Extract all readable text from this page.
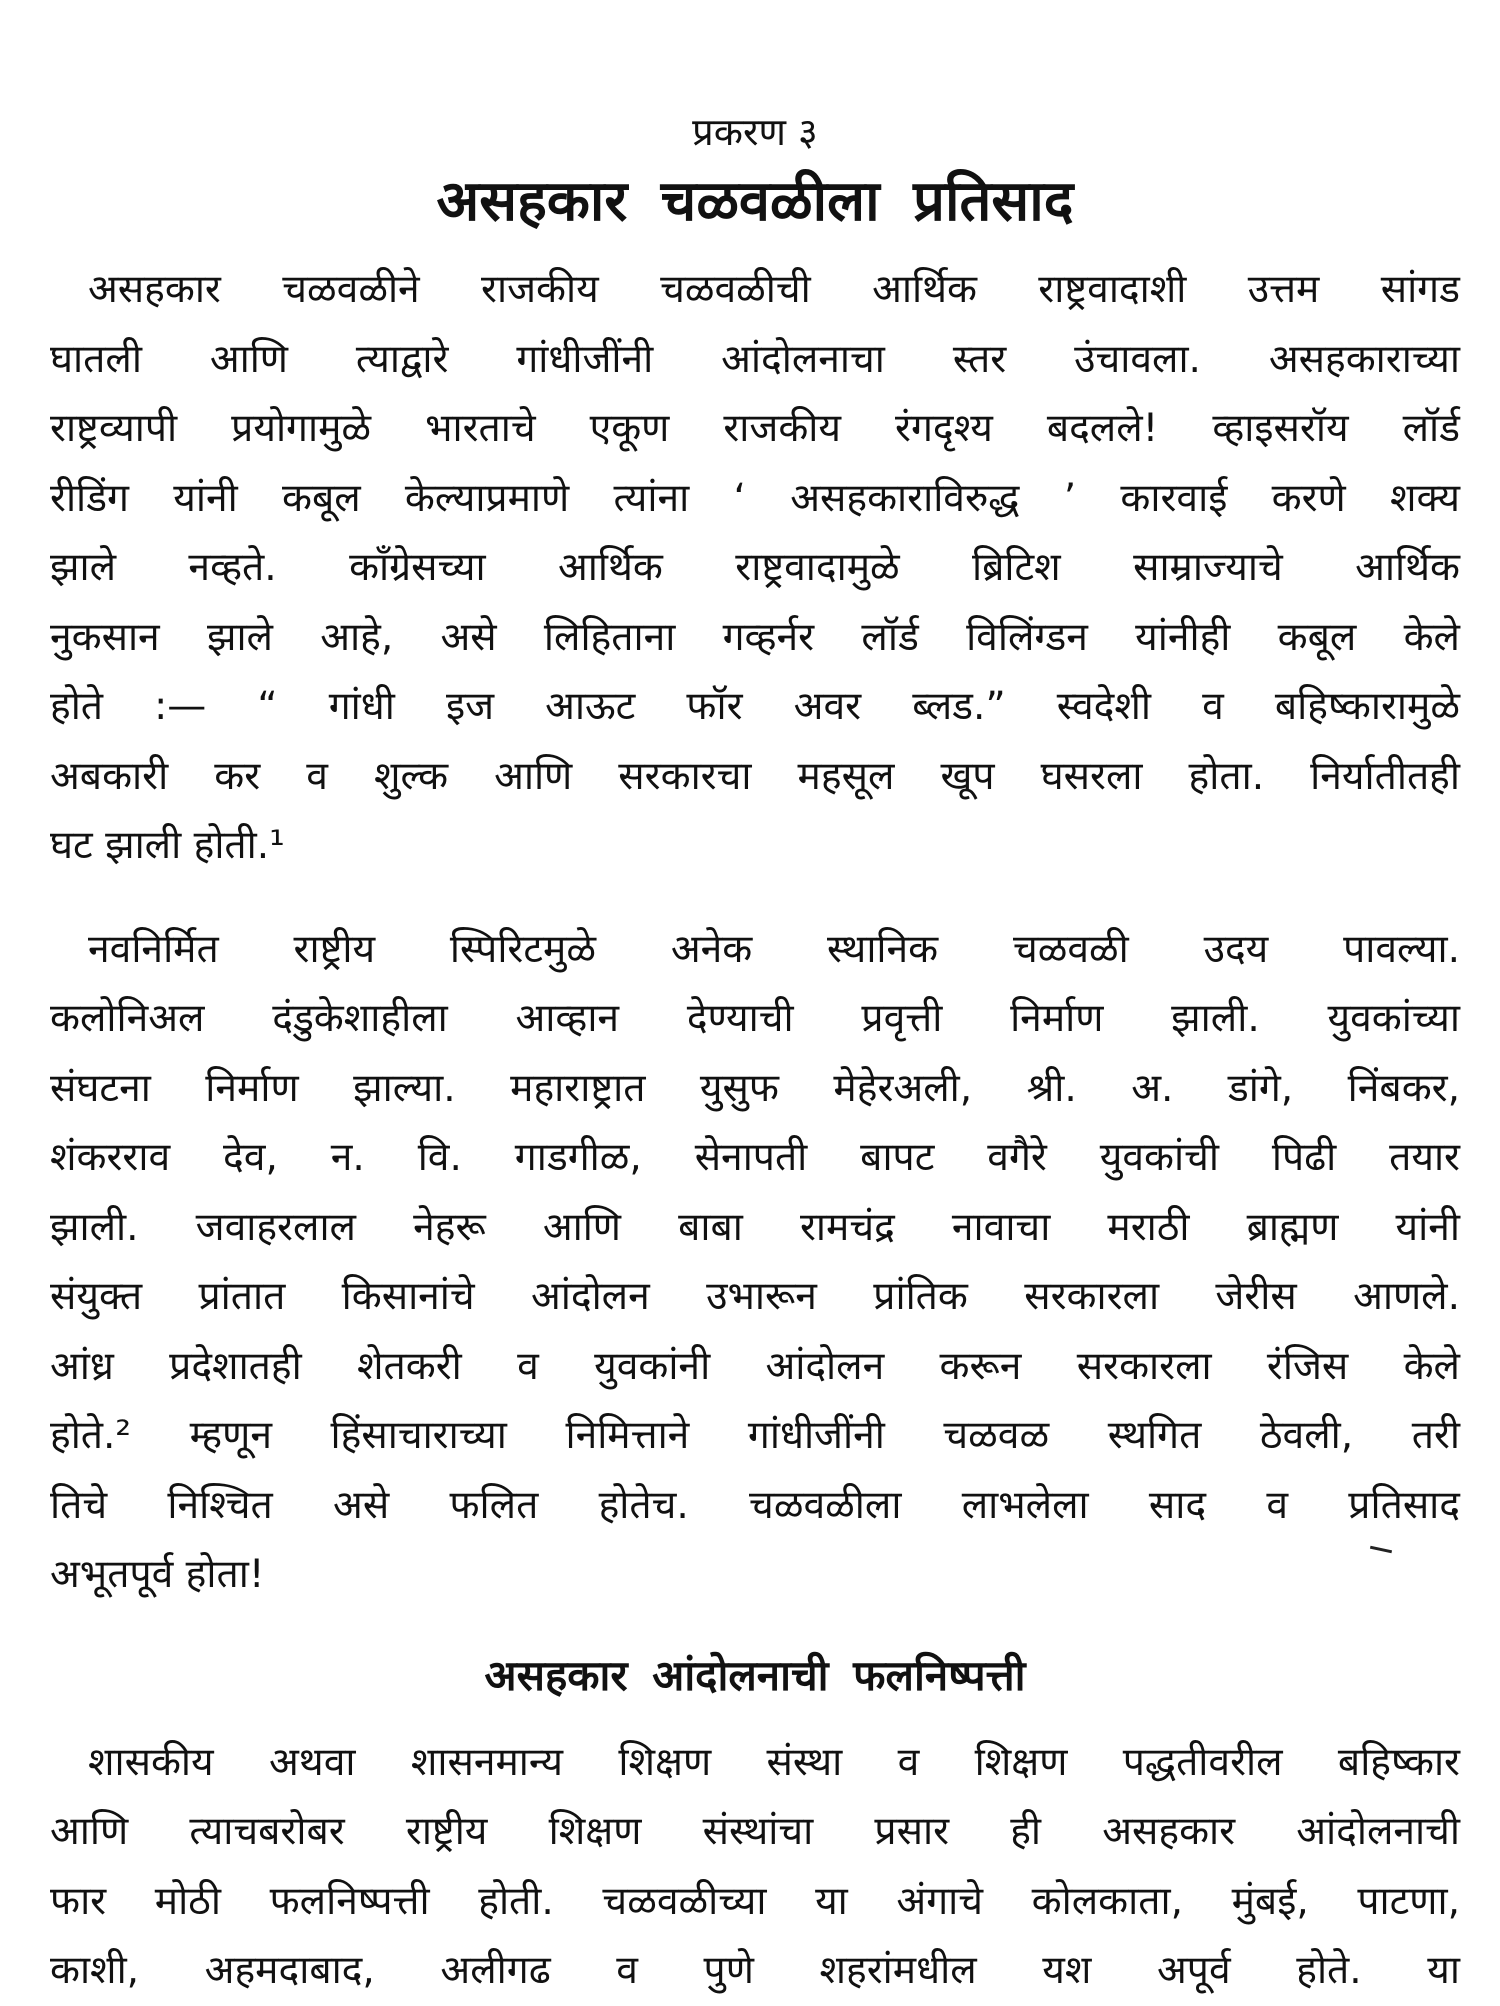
प्रकरण ३
असहकार चळवळीला प्रतिसाद
असहकार चळवळीने राजकीय चळवळीची आर्थिक राष्ट्रवादाशी उत्तम सांगड
घातली आणि त्याद्वारे गांधीजींनी आंदोलनाचा स्तर उंचावला. असहकाराच्या
राष्ट्रव्यापी प्रयोगामुळे भारताचे एकूण राजकीय रंगदृश्य बदलले! व्हाइसरॉय लॉर्ड
रीडिंग यांनी कबूल केल्याप्रमाणे त्यांना ‘ असहकाराविरुद्ध ’ कारवाई करणे शक्य
झाले नव्हते. कॉंग्रेसच्या आर्थिक राष्ट्रवादामुळे ब्रिटिश साम्राज्याचे आर्थिक
नुकसान झाले आहे, असे लिहिताना गव्हर्नर लॉर्ड विलिंग्डन यांनीही कबूल केले
होते :— “ गांधी इज आऊट फॉर अवर ब्लड.” स्वदेशी व बहिष्कारामुळे
अबकारी कर व शुल्क आणि सरकारचा महसूल खूप घसरला होता. निर्यातीतही
घट झाली होती.¹
नवनिर्मित राष्ट्रीय स्पिरिटमुळे अनेक स्थानिक चळवळी उदय पावल्या.
कलोनिअल दंडुकेशाहीला आव्हान देण्याची प्रवृत्ती निर्माण झाली. युवकांच्या
संघटना निर्माण झाल्या. महाराष्ट्रात युसुफ मेहेरअली, श्री. अ. डांगे, निंबकर,
शंकरराव देव, न. वि. गाडगीळ, सेनापती बापट वगैरे युवकांची पिढी तयार
झाली. जवाहरलाल नेहरू आणि बाबा रामचंद्र नावाचा मराठी ब्राह्मण यांनी
संयुक्त प्रांतात किसानांचे आंदोलन उभारून प्रांतिक सरकारला जेरीस आणले.
आंध्र प्रदेशातही शेतकरी व युवकांनी आंदोलन करून सरकारला रंजिस केले
होते.² म्हणून हिंसाचाराच्या निमित्ताने गांधीजींनी चळवळ स्थगित ठेवली, तरी
तिचे निश्चित असे फलित होतेच. चळवळीला लाभलेला साद व प्रतिसाद
अभूतपूर्व होता!
असहकार आंदोलनाची फलनिष्पत्ती
शासकीय अथवा शासनमान्य शिक्षण संस्था व शिक्षण पद्धतीवरील बहिष्कार
आणि त्याचबरोबर राष्ट्रीय शिक्षण संस्थांचा प्रसार ही असहकार आंदोलनाची
फार मोठी फलनिष्पत्ती होती. चळवळीच्या या अंगाचे कोलकाता, मुंबई, पाटणा,
काशी, अहमदाबाद, अलीगढ व पुणे शहरांमधील यश अपूर्व होते. या
